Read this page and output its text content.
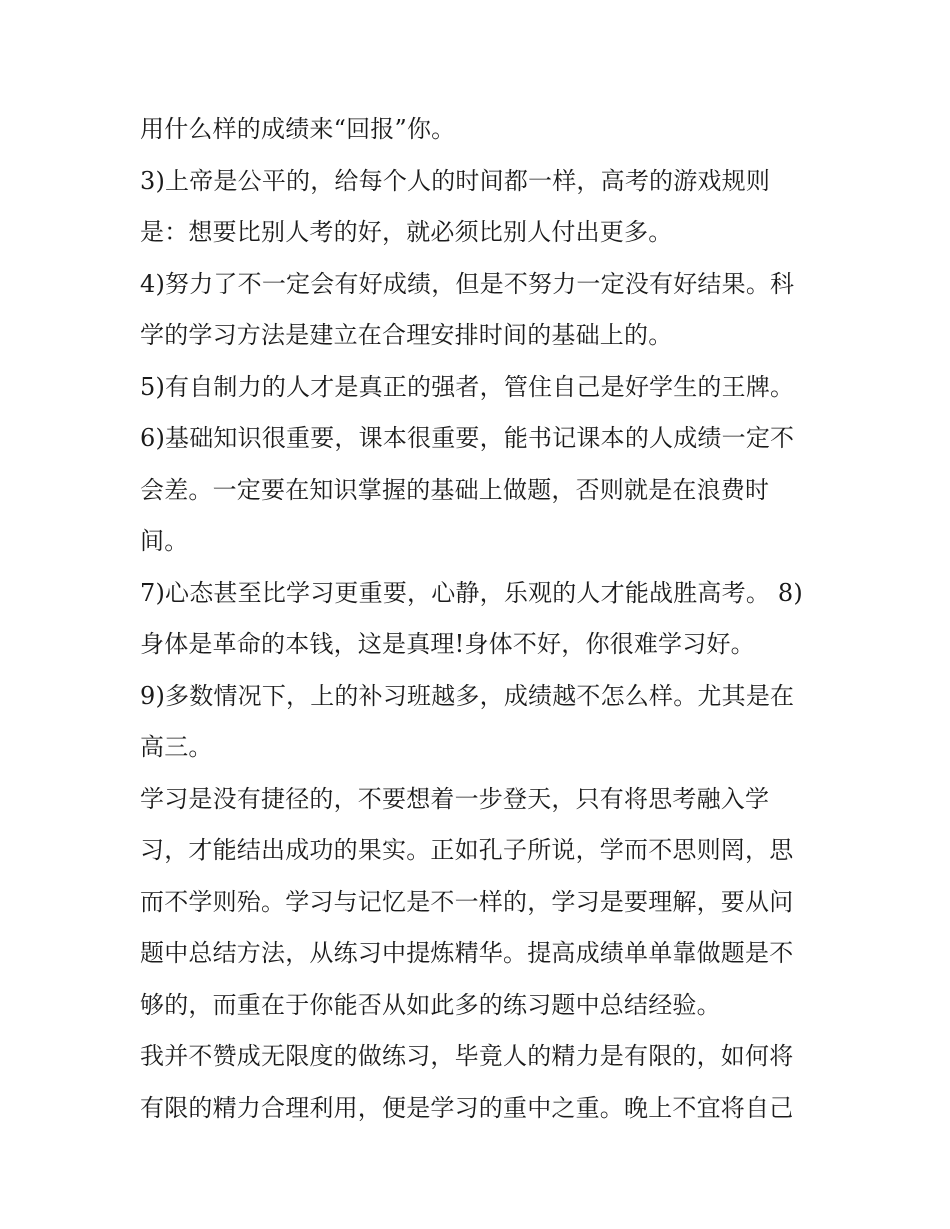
用什么样的成绩来“回报”你。
3)上帝是公平的，给每个人的时间都一样，高考的游戏规则
是：想要比别人考的好，就必须比别人付出更多。
4)努力了不一定会有好成绩，但是不努力一定没有好结果。科
学的学习方法是建立在合理安排时间的基础上的。
5)有自制力的人才是真正的强者，管住自己是好学生的王牌。
6)基础知识很重要，课本很重要，能书记课本的人成绩一定不
会差。一定要在知识掌握的基础上做题，否则就是在浪费时
间。
7)心态甚至比学习更重要，心静，乐观的人才能战胜高考。 8)
身体是革命的本钱，这是真理!身体不好，你很难学习好。
9)多数情况下，上的补习班越多，成绩越不怎么样。尤其是在
高三。
学习是没有捷径的，不要想着一步登天，只有将思考融入学
习，才能结出成功的果实。正如孔子所说，学而不思则罔，思
而不学则殆。学习与记忆是不一样的，学习是要理解，要从问
题中总结方法，从练习中提炼精华。提高成绩单单靠做题是不
够的，而重在于你能否从如此多的练习题中总结经验。
我并不赞成无限度的做练习，毕竟人的精力是有限的，如何将
有限的精力合理利用，便是学习的重中之重。晚上不宜将自己
